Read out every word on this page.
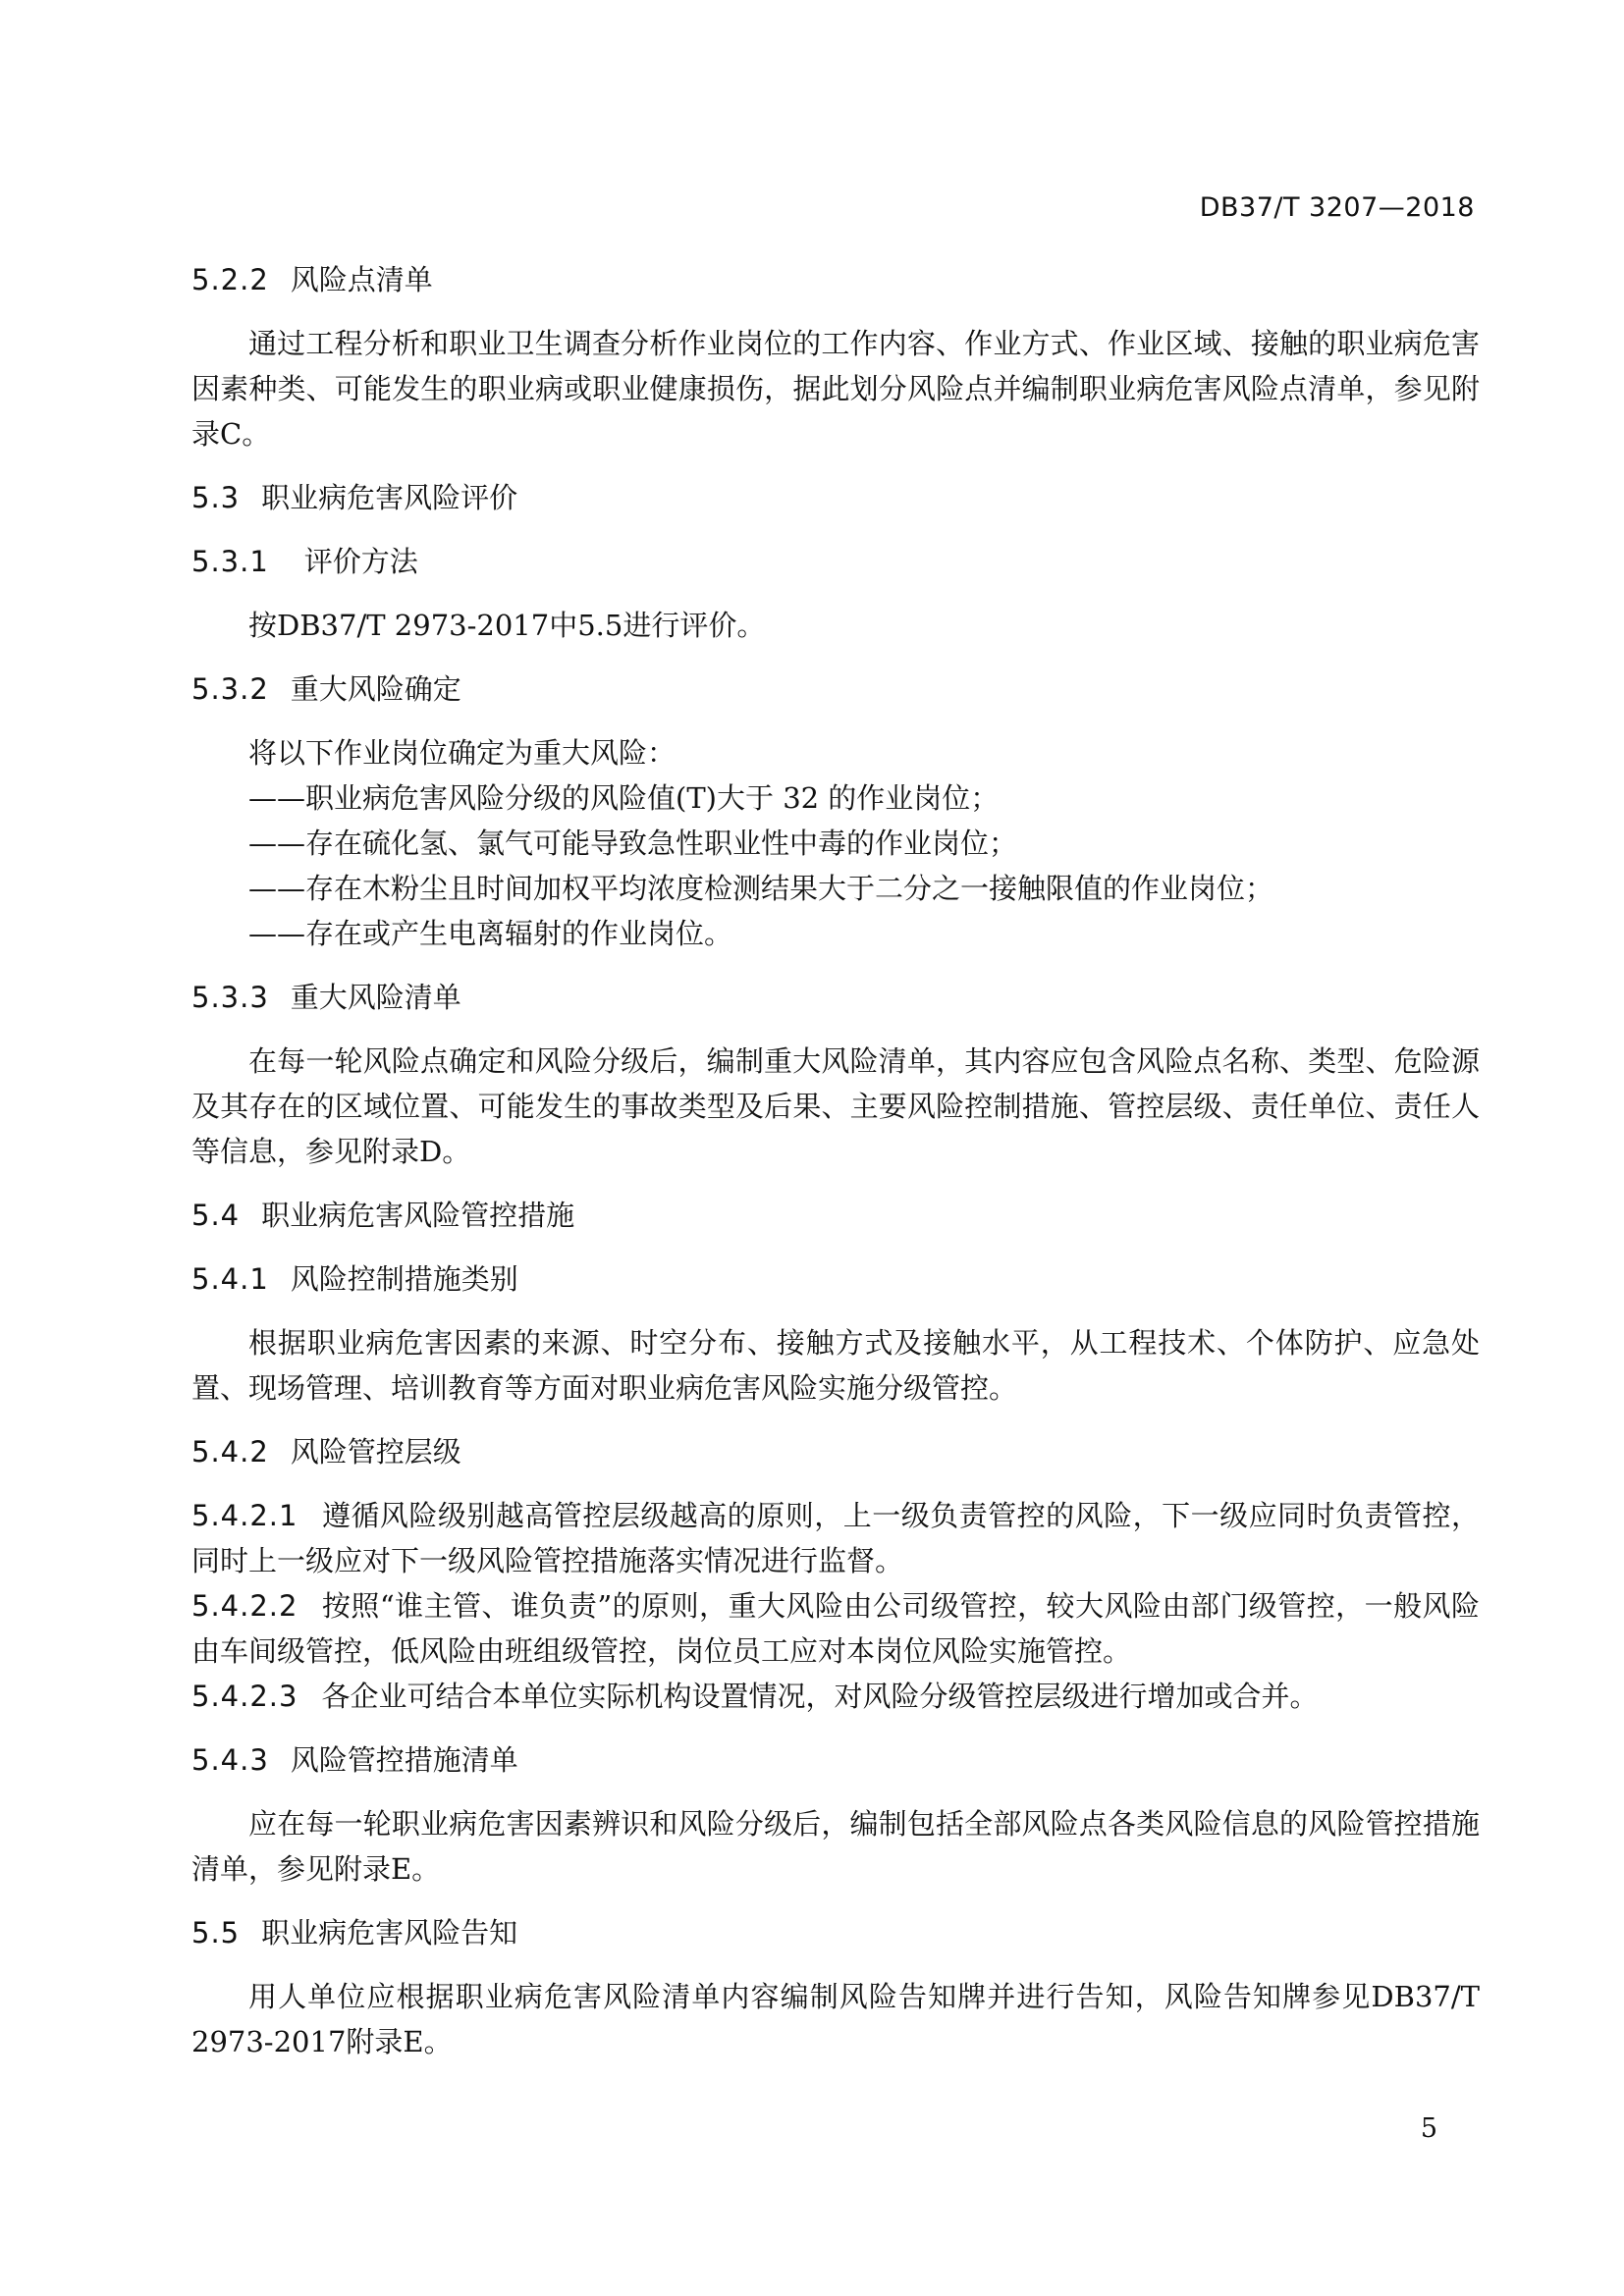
DB37/T 3207—2018
5.2.2 风险点清单

通过工程分析和职业卫生调查分析作业岗位的工作内容、作业方式、作业区域、接触的职业病危害因素种类、可能发生的职业病或职业健康损伤，据此划分风险点并编制职业病危害风险点清单，参见附录C。

5.3 职业病危害风险评价
5.3.1 评价方法

按DB37/T 2973-2017中5.5进行评价。

5.3.2 重大风险确定

将以下作业岗位确定为重大风险：

——职业病危害风险分级的风险值(T)大于 32 的作业岗位；

——存在硫化氢、氯气可能导致急性职业性中毒的作业岗位；

——存在木粉尘且时间加权平均浓度检测结果大于二分之一接触限值的作业岗位；

——存在或产生电离辐射的作业岗位。

5.3.3 重大风险清单

在每一轮风险点确定和风险分级后，编制重大风险清单，其内容应包含风险点名称、类型、危险源及其存在的区域位置、可能发生的事故类型及后果、主要风险控制措施、管控层级、责任单位、责任人等信息，参见附录D。

5.4 职业病危害风险管控措施
5.4.1 风险控制措施类别

根据职业病危害因素的来源、时空分布、接触方式及接触水平，从工程技术、个体防护、应急处置、现场管理、培训教育等方面对职业病危害风险实施分级管控。

5.4.2 风险管控层级

5.4.2.1 遵循风险级别越高管控层级越高的原则，上一级负责管控的风险，下一级应同时负责管控，同时上一级应对下一级风险管控措施落实情况进行监督。

5.4.2.2 按照“谁主管、谁负责”的原则，重大风险由公司级管控，较大风险由部门级管控，一般风险由车间级管控，低风险由班组级管控，岗位员工应对本岗位风险实施管控。

5.4.2.3 各企业可结合本单位实际机构设置情况，对风险分级管控层级进行增加或合并。

5.4.3 风险管控措施清单

应在每一轮职业病危害因素辨识和风险分级后，编制包括全部风险点各类风险信息的风险管控措施清单，参见附录E。

5.5 职业病危害风险告知

用人单位应根据职业病危害风险清单内容编制风险告知牌并进行告知，风险告知牌参见DB37/T 2973-2017附录E。

5
